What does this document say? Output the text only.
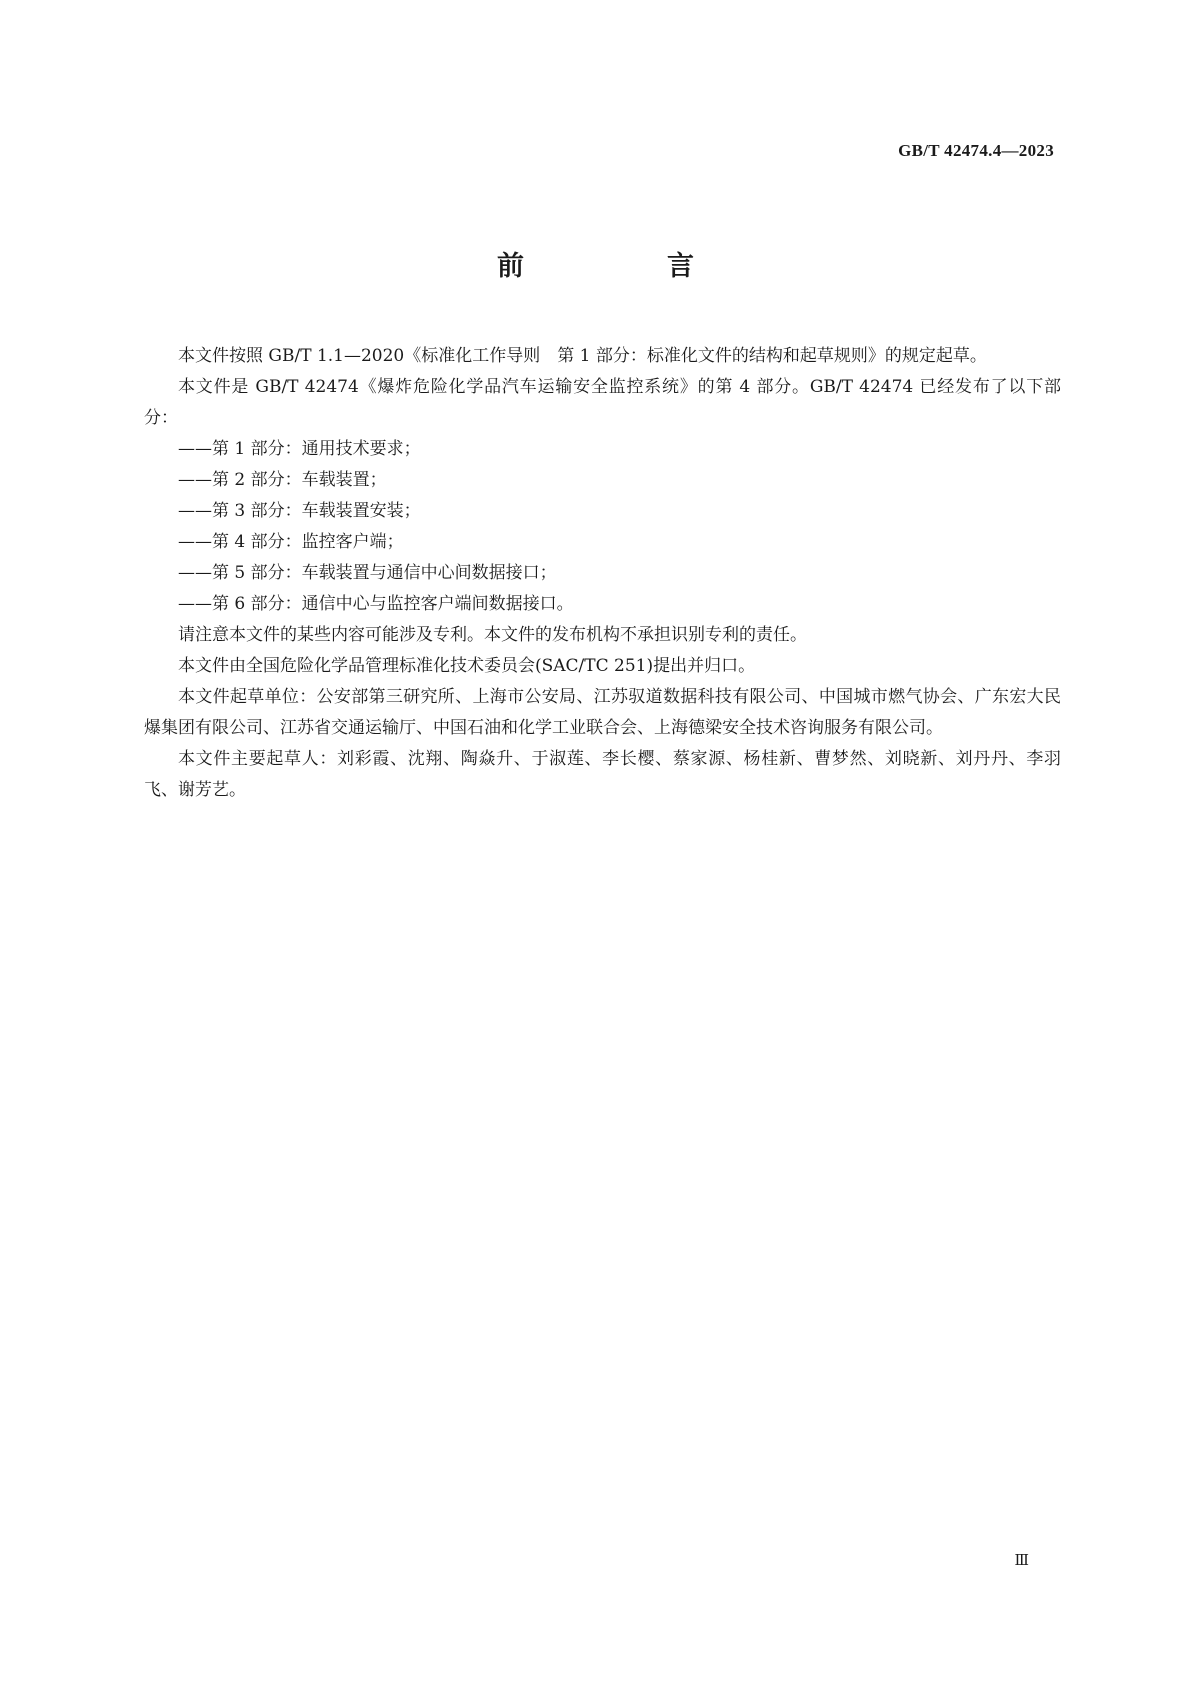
GB/T 42474.4—2023
前　言

本文件按照 GB/T 1.1—2020《标准化工作导则　第 1 部分：标准化文件的结构和起草规则》的规定起草。

本文件是 GB/T 42474《爆炸危险化学品汽车运输安全监控系统》的第 4 部分。GB/T 42474 已经发布了以下部分：

——第 1 部分：通用技术要求；
——第 2 部分：车载装置；
——第 3 部分：车载装置安装；
——第 4 部分：监控客户端；
——第 5 部分：车载装置与通信中心间数据接口；
——第 6 部分：通信中心与监控客户端间数据接口。

请注意本文件的某些内容可能涉及专利。本文件的发布机构不承担识别专利的责任。

本文件由全国危险化学品管理标准化技术委员会(SAC/TC 251)提出并归口。

本文件起草单位：公安部第三研究所、上海市公安局、江苏驭道数据科技有限公司、中国城市燃气协会、广东宏大民爆集团有限公司、江苏省交通运输厅、中国石油和化学工业联合会、上海德梁安全技术咨询服务有限公司。

本文件主要起草人：刘彩霞、沈翔、陶焱升、于淑莲、李长樱、蔡家源、杨桂新、曹梦然、刘晓新、刘丹丹、李羽飞、谢芳艺。

Ⅲ
